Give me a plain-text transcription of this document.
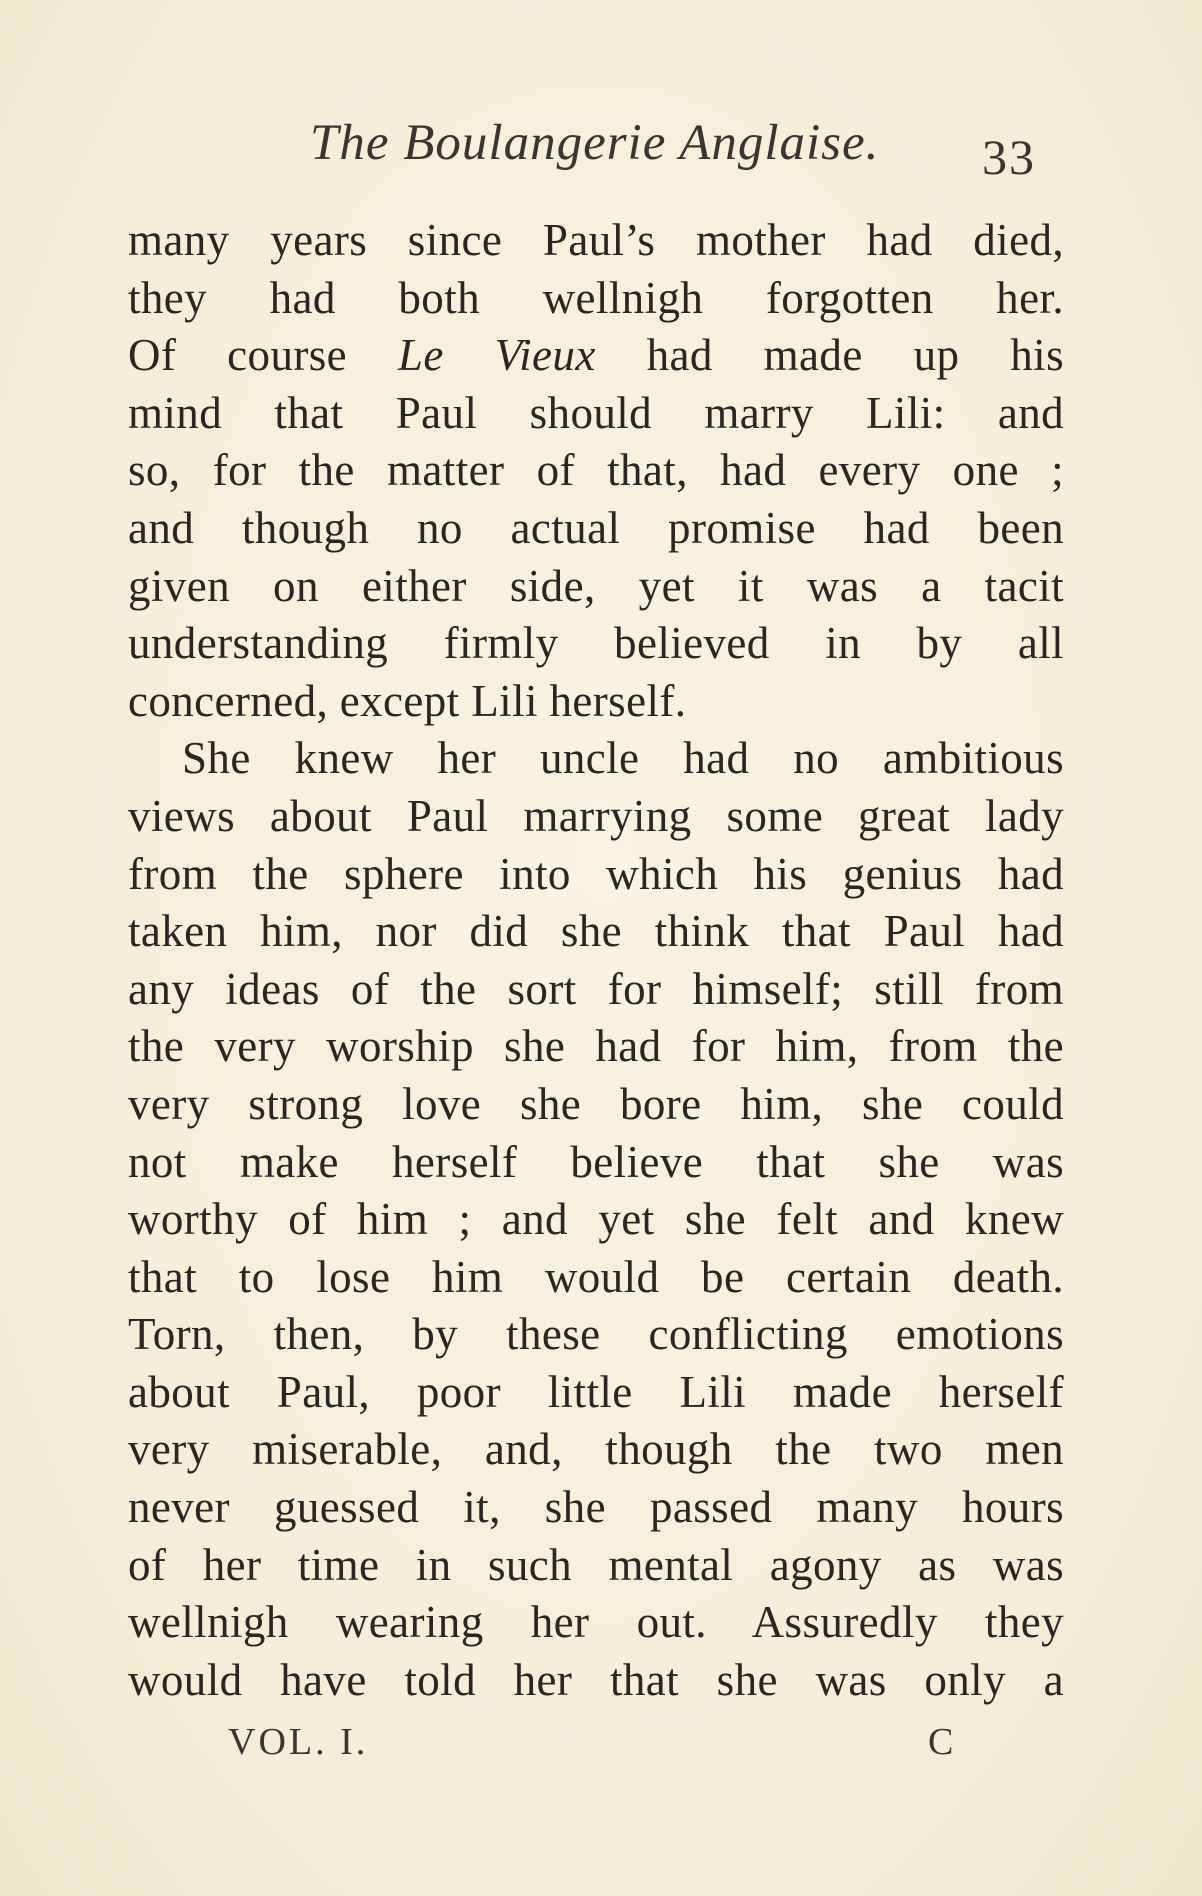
The Boulangerie Anglaise. 33
many years since Paul’s mother had died,
they had both wellnigh forgotten her.
Of course Le Vieux had made up his
mind that Paul should marry Lili: and
so, for the matter of that, had every one ;
and though no actual promise had been
given on either side, yet it was a tacit
understanding firmly believed in by all
concerned, except Lili herself.
She knew her uncle had no ambitious
views about Paul marrying some great lady
from the sphere into which his genius had
taken him, nor did she think that Paul had
any ideas of the sort for himself; still from
the very worship she had for him, from the
very strong love she bore him, she could
not make herself believe that she was
worthy of him ; and yet she felt and knew
that to lose him would be certain death.
Torn, then, by these conflicting emotions
about Paul, poor little Lili made herself
very miserable, and, though the two men
never guessed it, she passed many hours
of her time in such mental agony as was
wellnigh wearing her out. Assuredly they
would have told her that she was only a
VOL. I.	C
